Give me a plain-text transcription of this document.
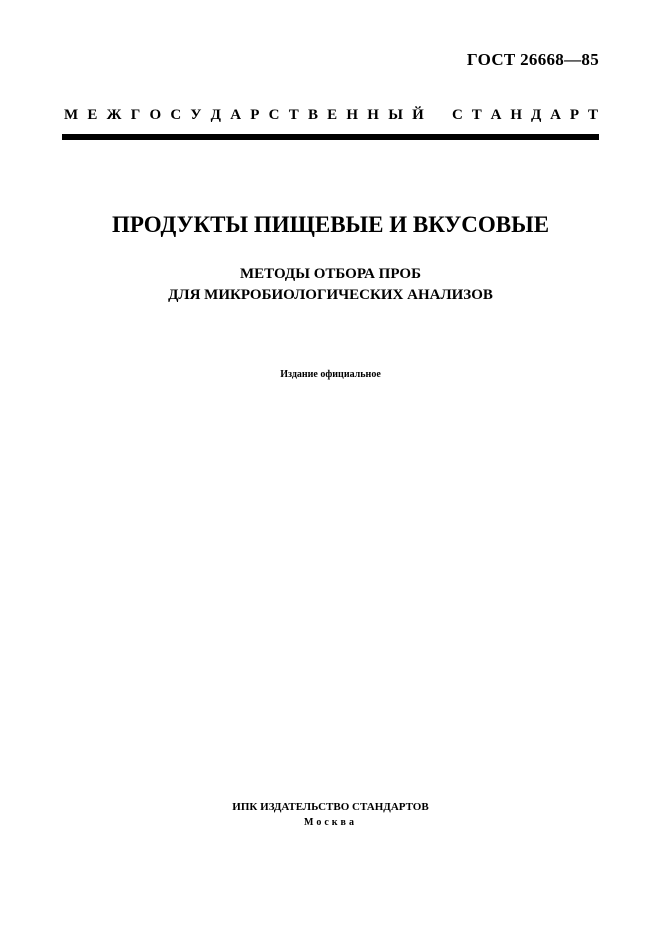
ГОСТ 26668—85
М Е Ж Г О С У Д А Р С Т В Е Н Н Ы Й С Т А Н Д А Р Т
ПРОДУКТЫ ПИЩЕВЫЕ И ВКУСОВЫЕ
МЕТОДЫ ОТБОРА ПРОБ
ДЛЯ МИКРОБИОЛОГИЧЕСКИХ АНАЛИЗОВ
Издание официальное
ИПК ИЗДАТЕЛЬСТВО СТАНДАРТОВ
Москва
